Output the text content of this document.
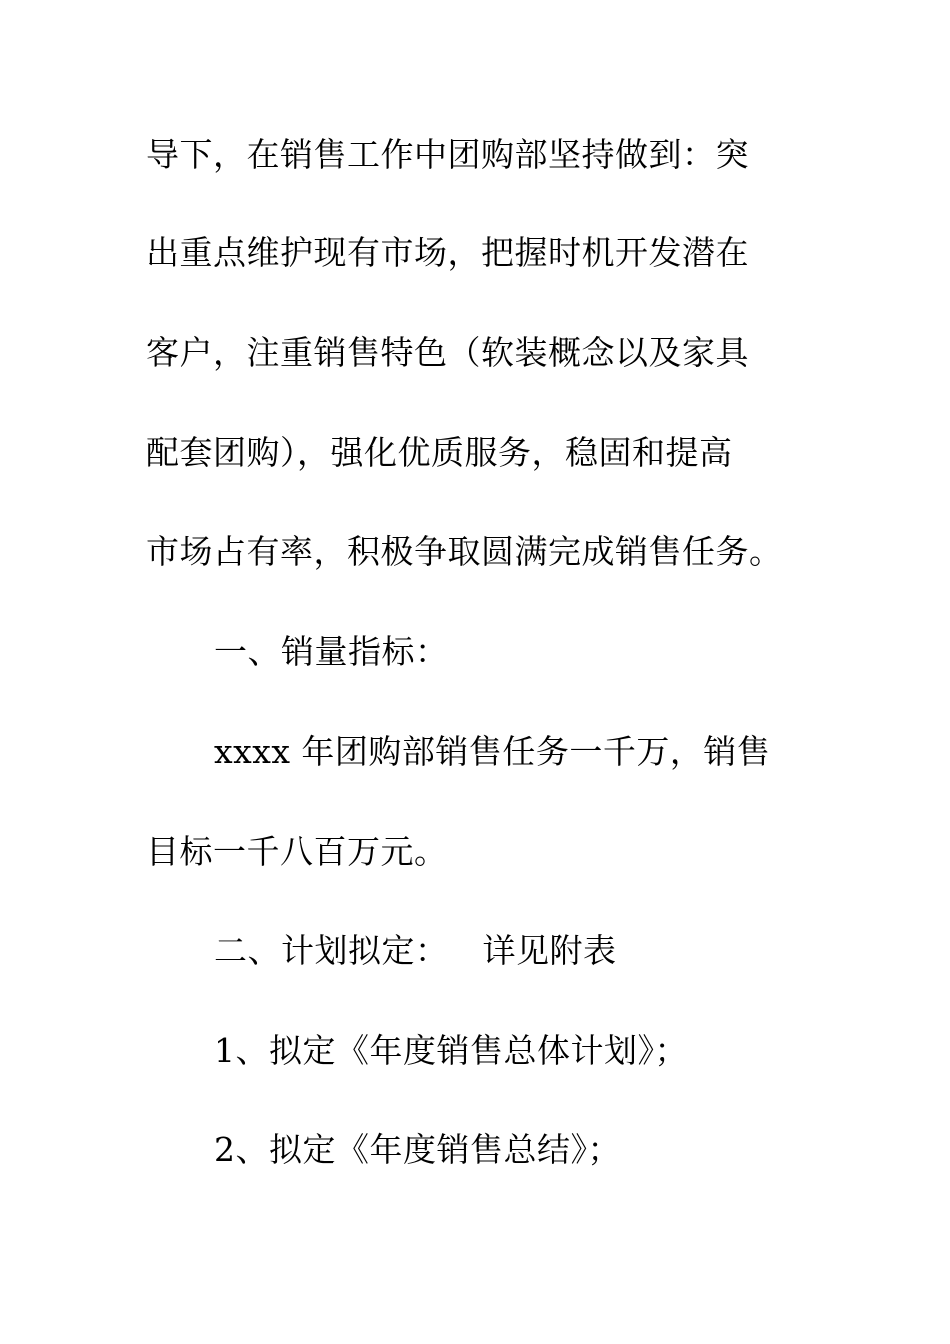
导下，在销售工作中团购部坚持做到：突
出重点维护现有市场，把握时机开发潜在
客户，注重销售特色（软装概念以及家具
配套团购），强化优质服务，稳固和提高
市场占有率，积极争取圆满完成销售任务。
一、销量指标：
xxxx 年团购部销售任务一千万，销售
目标一千八百万元。
二、计划拟定： 详见附表
1、拟定《年度销售总体计划》；
2、拟定《年度销售总结》；
